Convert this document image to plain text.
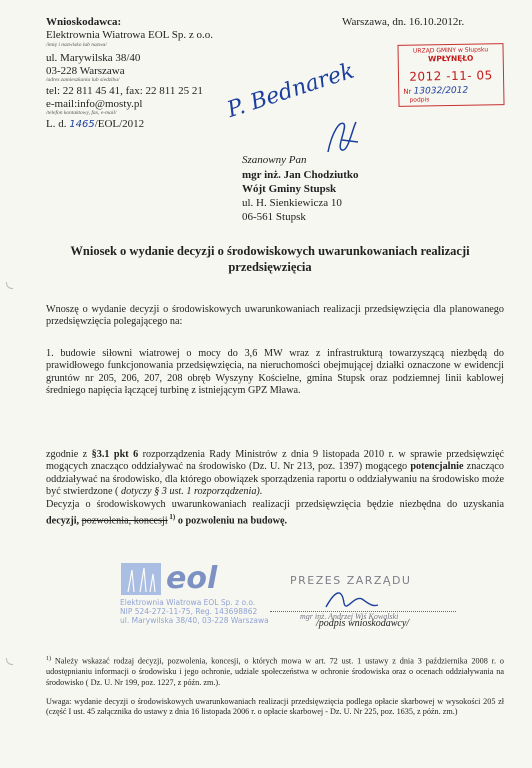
Wnioskodawca:
Elektrownia Wiatrowa EOL Sp. z o.o.
/imię i nazwisko lub nazwa/
ul. Marywilska 38/40
03-228 Warszawa
/adres zamieszkania lub siedziba/
tel: 22 811 45 41, fax: 22 811 25 21
e-mail:info@mosty.pl
/telefon kontaktowy, fax, e-mail/
L. d. 1465/EOL/2012
Warszawa, dn. 16.10.2012r.
URZĄD GMINY w Słupsku
WPŁYNĘŁO
2012 -11- 05
Nr 13032/2012
podpis
P. Bednarek
Szanowny Pan
mgr inż. Jan Chodziutko
Wójt Gminy Stupsk
ul. H. Sienkiewicza 10
06-561 Stupsk
Wniosek o wydanie decyzji o środowiskowych uwarunkowaniach realizacji
przedsięwzięcia
Wnoszę o wydanie decyzji o środowiskowych uwarunkowaniach realizacji przedsięwzięcia dla planowanego przedsięwzięcia polegającego na:
1. budowie siłowni wiatrowej o mocy do 3,6 MW wraz z infrastrukturą towarzyszącą niezbędą do prawidłowego funkcjonowania przedsięwzięcia, na nieruchomości obejmującej działki oznaczone w ewidencji gruntów nr 205, 206, 207, 208 obręb Wyszyny Kościelne, gmina Stupsk oraz podziemnej linii kablowej średniego napięcia łączącej turbinę z istniejącym GPZ Mława.
zgodnie z §3.1 pkt 6 rozporządzenia Rady Ministrów z dnia 9 listopada 2010 r. w sprawie przedsięwzięć mogących znacząco oddziaływać na środowisko (Dz. U. Nr 213, poz. 1397) mogącego potencjalnie znacząco oddziaływać na środowisko, dla którego obowiązek sporządzenia raportu o oddziaływaniu na środowisko może być stwierdzone ( dotyczy § 3 ust. 1 rozporządzenia).
Decyzja o środowiskowych uwarunkowaniach realizacji przedsięwzięcia będzie niezbędna do uzyskania decyzji, pozwolenia, koncesji $^{1)}$ o pozwoleniu na budowę.
eol
Elektrownia Wiatrowa EOL Sp. z o.o.
NIP 524-272-11-75, Reg. 143698862
ul. Marywilska 38/40, 03-228 Warszawa
PREZES ZARZĄDU
mgr inż. Andrzej Wiś Kowalski
/podpis wnioskodawcy/
$^{1)}$ Należy wskazać rodzaj decyzji, pozwolenia, koncesji, o których mowa w art. 72 ust. 1 ustawy z dnia 3 października 2008 r. o udostępnianiu informacji o środowisku i jego ochronie, udziale społeczeństwa w ochronie środowiska oraz o ocenach oddziaływania na środowisko ( Dz. U. Nr 199, poz. 1227, z późn. zm.).
Uwaga: wydanie decyzji o środowiskowych uwarunkowaniach realizacji przedsięwzięcia podlega opłacie skarbowej w wysokości 205 zł (część I ust. 45 załącznika do ustawy z dnia 16 listopada 2006 r. o opłacie skarbowej - Dz. U. Nr 225, poz. 1635, z późn. zm.)
